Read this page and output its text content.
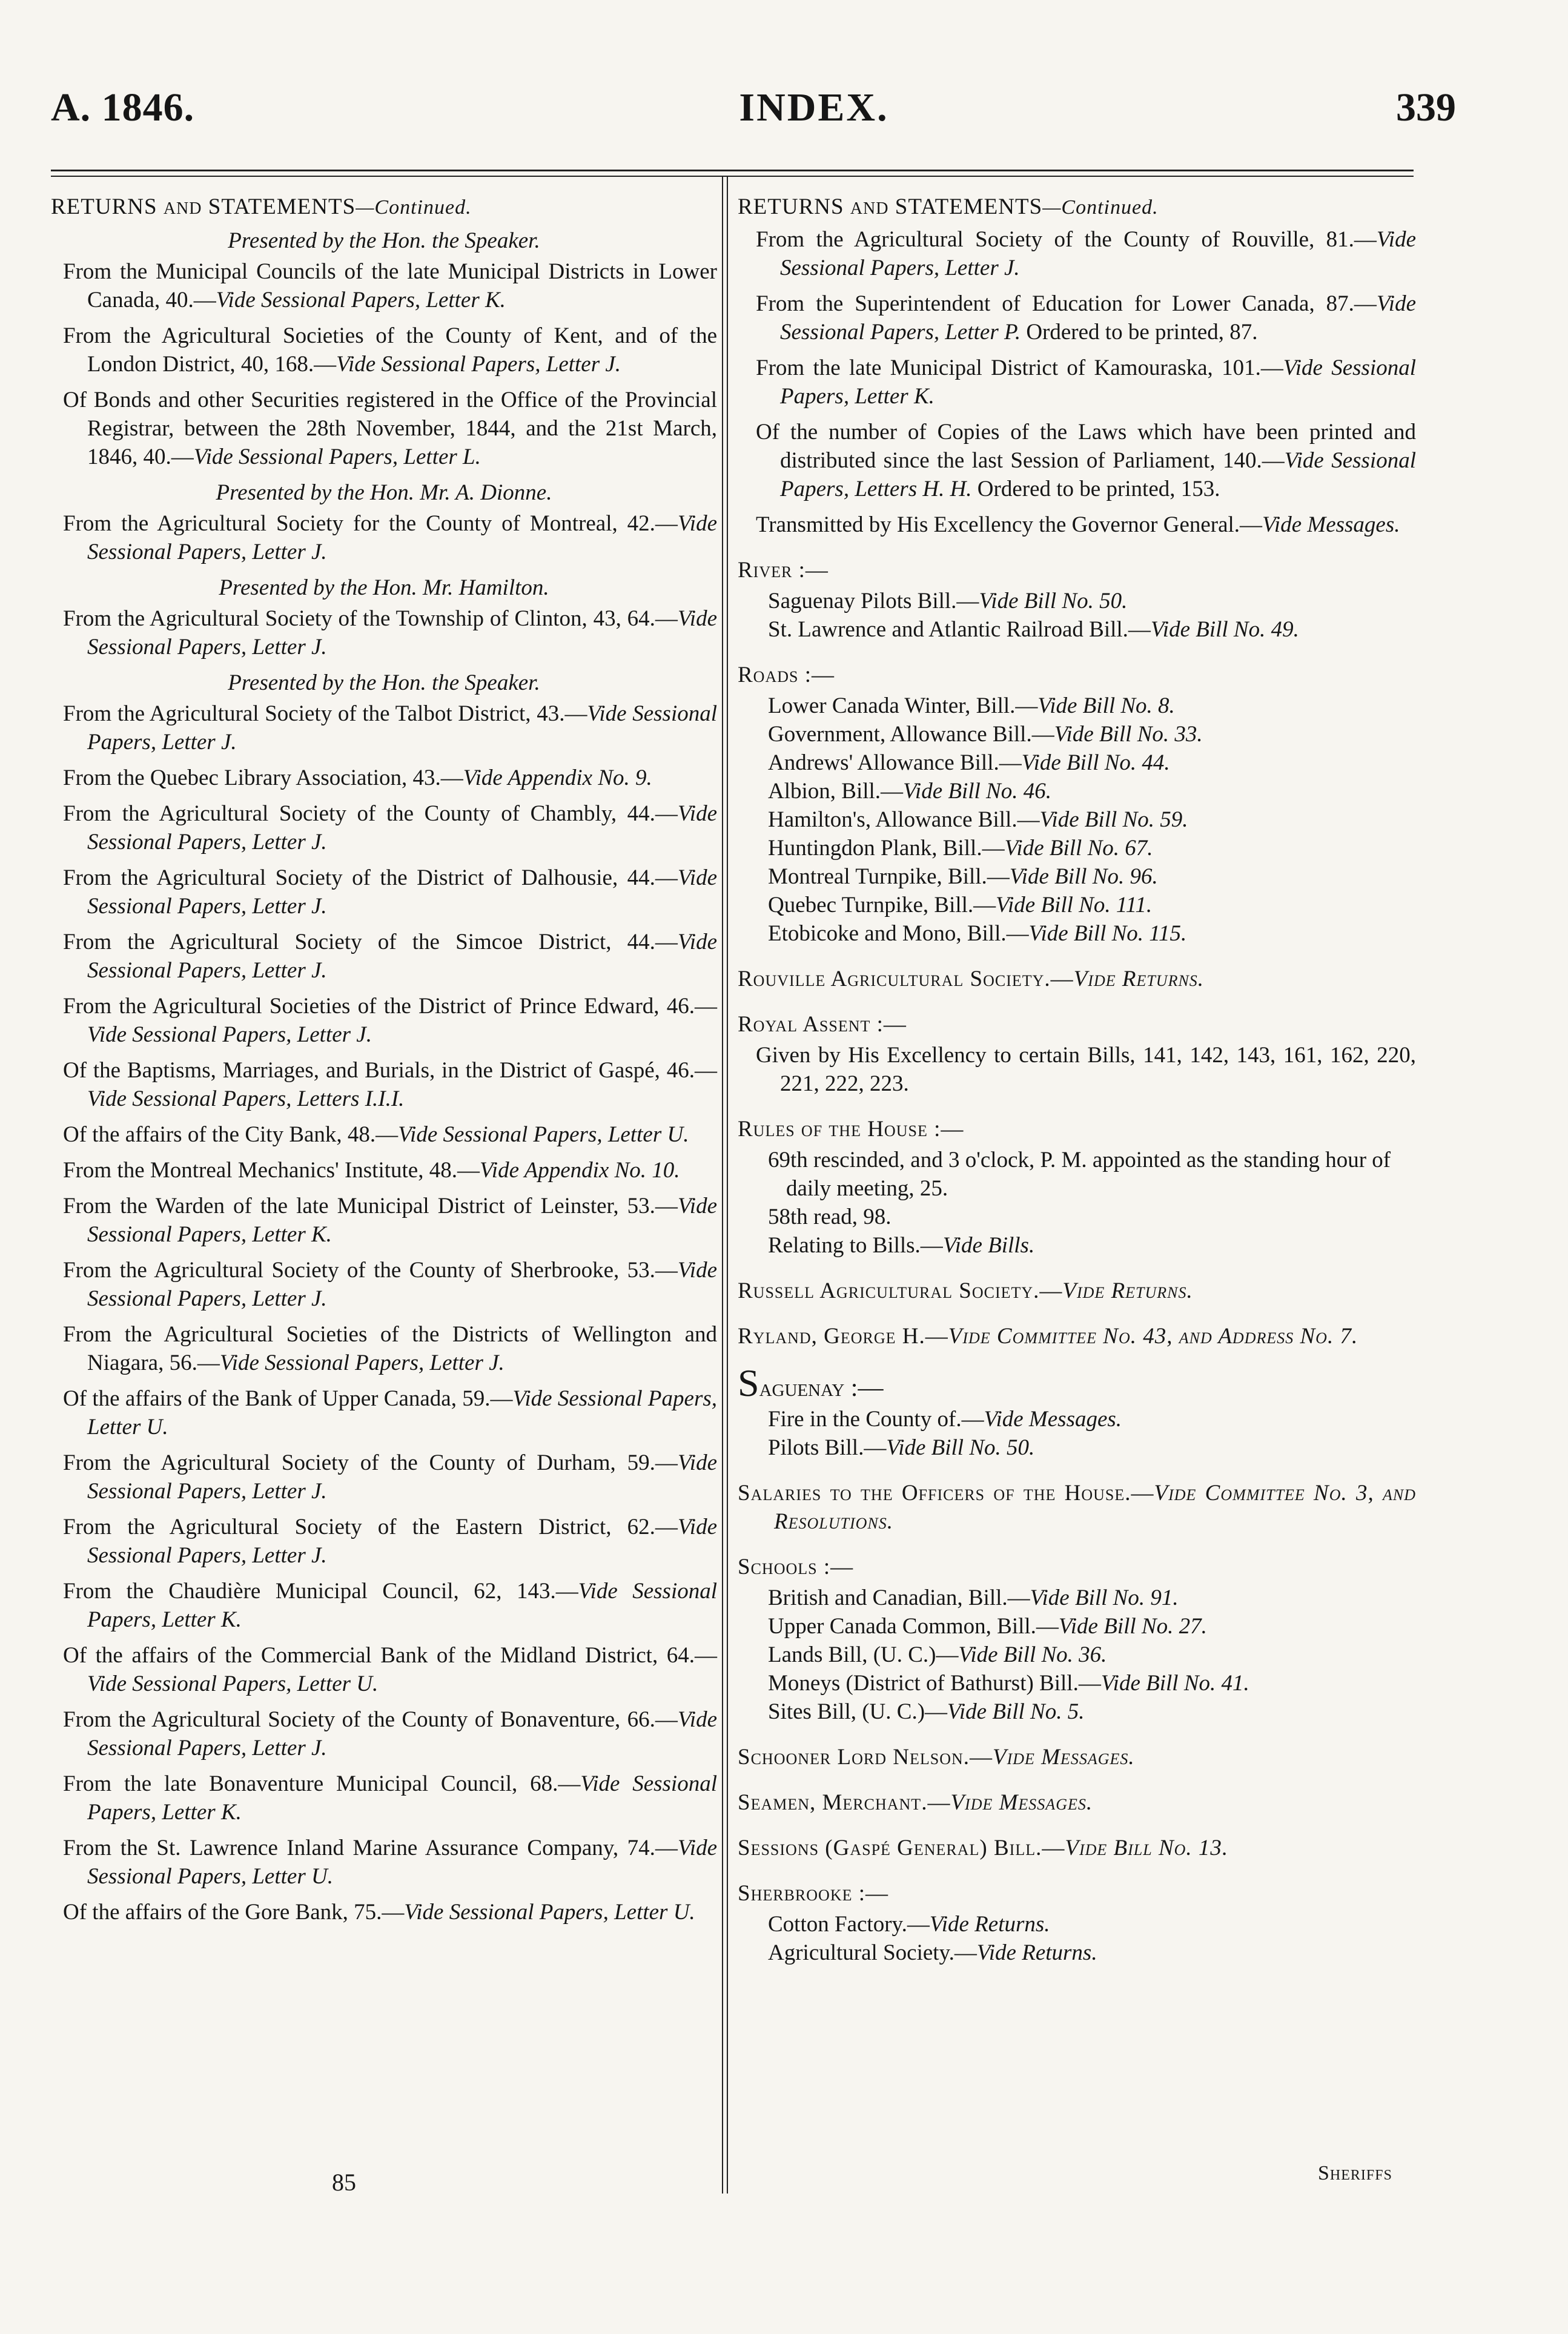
A. 1846.	INDEX.	339
RETURNS AND STATEMENTS—Continued.
Presented by the Hon. the Speaker.

From the Municipal Councils of the late Municipal Districts in Lower Canada, 40.—Vide Sessional Papers, Letter K.

From the Agricultural Societies of the County of Kent, and of the London District, 40, 168.—Vide Sessional Papers, Letter J.

Of Bonds and other Securities registered in the Office of the Provincial Registrar, between the 28th November, 1844, and the 21st March, 1846, 40.—Vide Sessional Papers, Letter L.

Presented by the Hon. Mr. A. Dionne.

From the Agricultural Society for the County of Montreal, 42.—Vide Sessional Papers, Letter J.

Presented by the Hon. Mr. Hamilton.

From the Agricultural Society of the Township of Clinton, 43, 64.—Vide Sessional Papers, Letter J.

Presented by the Hon. the Speaker.

From the Agricultural Society of the Talbot District, 43.—Vide Sessional Papers, Letter J.

From the Quebec Library Association, 43.—Vide Appendix No. 9.

From the Agricultural Society of the County of Chambly, 44.—Vide Sessional Papers, Letter J.

From the Agricultural Society of the District of Dalhousie, 44.—Vide Sessional Papers, Letter J.

From the Agricultural Society of the Simcoe District, 44.—Vide Sessional Papers, Letter J.

From the Agricultural Societies of the District of Prince Edward, 46.—Vide Sessional Papers, Letter J.

Of the Baptisms, Marriages, and Burials, in the District of Gaspé, 46.—Vide Sessional Papers, Letters I.I.I.

Of the affairs of the City Bank, 48.—Vide Sessional Papers, Letter U.

From the Montreal Mechanics' Institute, 48.—Vide Appendix No. 10.

From the Warden of the late Municipal District of Leinster, 53.—Vide Sessional Papers, Letter K.

From the Agricultural Society of the County of Sherbrooke, 53.—Vide Sessional Papers, Letter J.

From the Agricultural Societies of the Districts of Wellington and Niagara, 56.—Vide Sessional Papers, Letter J.

Of the affairs of the Bank of Upper Canada, 59.—Vide Sessional Papers, Letter U.

From the Agricultural Society of the County of Durham, 59.—Vide Sessional Papers, Letter J.

From the Agricultural Society of the Eastern District, 62.—Vide Sessional Papers, Letter J.

From the Chaudière Municipal Council, 62, 143.—Vide Sessional Papers, Letter K.

Of the affairs of the Commercial Bank of the Midland District, 64.—Vide Sessional Papers, Letter U.

From the Agricultural Society of the County of Bonaventure, 66.—Vide Sessional Papers, Letter J.

From the late Bonaventure Municipal Council, 68.—Vide Sessional Papers, Letter K.

From the St. Lawrence Inland Marine Assurance Company, 74.—Vide Sessional Papers, Letter U.

Of the affairs of the Gore Bank, 75.—Vide Sessional Papers, Letter U.

RETURNS AND STATEMENTS—Continued.

From the Agricultural Society of the County of Rouville, 81.—Vide Sessional Papers, Letter J.

From the Superintendent of Education for Lower Canada, 87.—Vide Sessional Papers, Letter P. Ordered to be printed, 87.

From the late Municipal District of Kamouraska, 101.—Vide Sessional Papers, Letter K.

Of the number of Copies of the Laws which have been printed and distributed since the last Session of Parliament, 140.—Vide Sessional Papers, Letters H. H. Ordered to be printed, 153.

Transmitted by His Excellency the Governor General.—Vide Messages.

River :—

Saguenay Pilots Bill.—Vide Bill No. 50.

St. Lawrence and Atlantic Railroad Bill.—Vide Bill No. 49.

Roads :—

Lower Canada Winter, Bill.—Vide Bill No. 8.

Government, Allowance Bill.—Vide Bill No. 33.

Andrews' Allowance Bill.—Vide Bill No. 44.

Albion, Bill.—Vide Bill No. 46.

Hamilton's, Allowance Bill.—Vide Bill No. 59.

Huntingdon Plank, Bill.—Vide Bill No. 67.

Montreal Turnpike, Bill.—Vide Bill No. 96.

Quebec Turnpike, Bill.—Vide Bill No. 111.

Etobicoke and Mono, Bill.—Vide Bill No. 115.

Rouville Agricultural Society.—Vide Returns.
Royal Assent :—

Given by His Excellency to certain Bills, 141, 142, 143, 161, 162, 220, 221, 222, 223.

Rules of the House :—

69th rescinded, and 3 o'clock, P. M. appointed as the standing hour of daily meeting, 25.

58th read, 98.

Relating to Bills.—Vide Bills.

Russell Agricultural Society.—Vide Returns.
Ryland, George H.—Vide Committee No. 43, and Address No. 7.
Saguenay :—

Fire in the County of.—Vide Messages.

Pilots Bill.—Vide Bill No. 50.

Salaries to the Officers of the House.—Vide Committee No. 3, and Resolutions.
Schools :—

British and Canadian, Bill.—Vide Bill No. 91.

Upper Canada Common, Bill.—Vide Bill No. 27.

Lands Bill, (U. C.)—Vide Bill No. 36.

Moneys (District of Bathurst) Bill.—Vide Bill No. 41.

Sites Bill, (U. C.)—Vide Bill No. 5.

Schooner Lord Nelson.—Vide Messages.
Seamen, Merchant.—Vide Messages.
Sessions (Gaspé General) Bill.—Vide Bill No. 13.
Sherbrooke :—

Cotton Factory.—Vide Returns.

Agricultural Society.—Vide Returns.

85	Sheriffs
